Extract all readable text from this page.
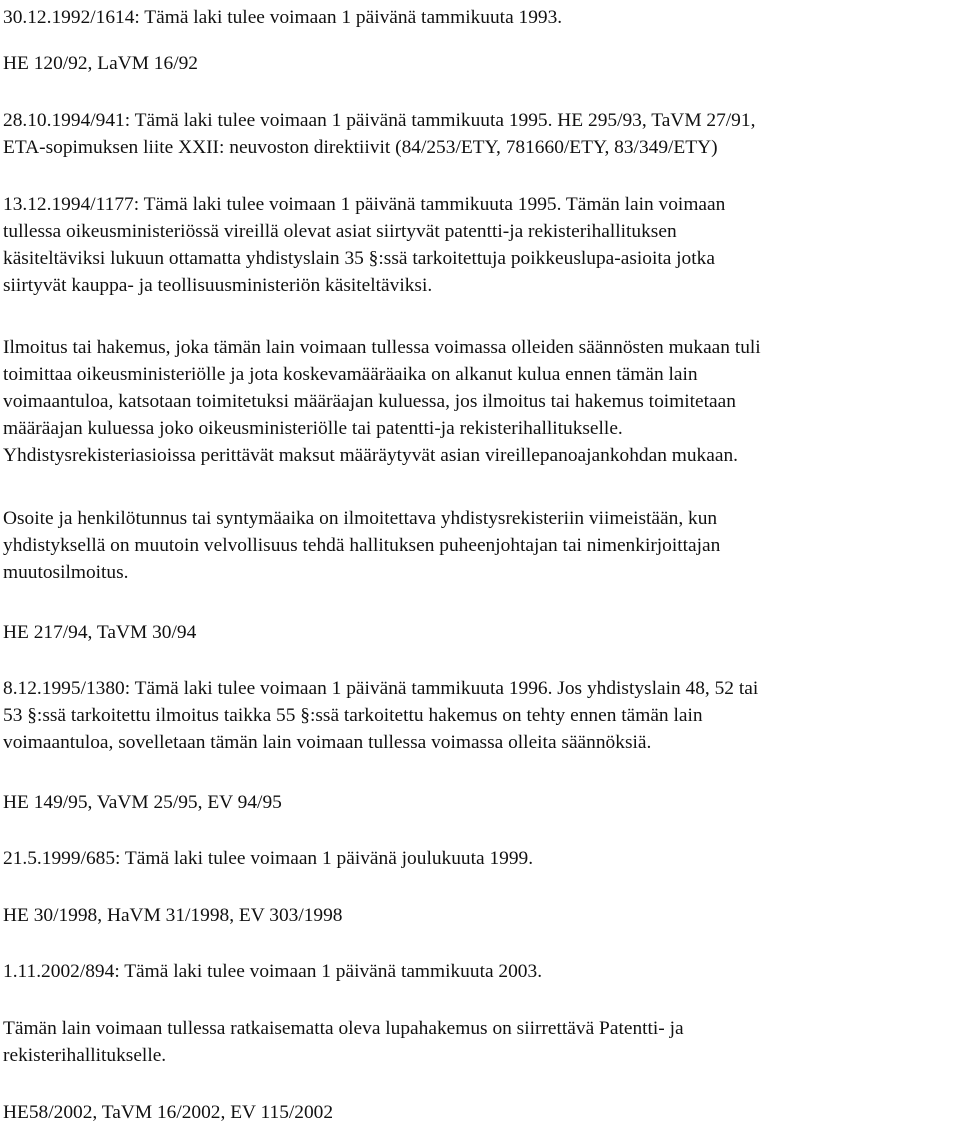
30.12.1992/1614: Tämä laki tulee voimaan 1 päivänä tammikuuta 1993.
HE 120/92, LaVM 16/92
28.10.1994/941: Tämä laki tulee voimaan 1 päivänä tammikuuta 1995. HE 295/93, TaVM 27/91,
ETA-sopimuksen liite XXII: neuvoston direktiivit (84/253/ETY, 781660/ETY, 83/349/ETY)
13.12.1994/1177: Tämä laki tulee voimaan 1 päivänä tammikuuta 1995. Tämän lain voimaan
tullessa oikeusministeriössä vireillä olevat asiat siirtyvät patentti-ja rekisterihallituksen
käsiteltäviksi lukuun ottamatta yhdistyslain 35 §:ssä tarkoitettuja poikkeuslupa-asioita jotka
siirtyvät kauppa- ja teollisuusministeriön käsiteltäviksi.
Ilmoitus tai hakemus, joka tämän lain voimaan tullessa voimassa olleiden säännösten mukaan tuli
toimittaa oikeusministeriölle ja jota koskevamääräaika on alkanut kulua ennen tämän lain
voimaantuloa, katsotaan toimitetuksi määräajan kuluessa, jos ilmoitus tai hakemus toimitetaan
määräajan kuluessa joko oikeusministeriölle tai patentti-ja rekisterihallitukselle.
Yhdistysrekisteriasioissa perittävät maksut määräytyvät asian vireillepanoajankohdan mukaan.
Osoite ja henkilötunnus tai syntymäaika on ilmoitettava yhdistysrekisteriin viimeistään, kun
yhdistyksellä on muutoin velvollisuus tehdä hallituksen puheenjohtajan tai nimenkirjoittajan
muutosilmoitus.
HE 217/94, TaVM 30/94
8.12.1995/1380: Tämä laki tulee voimaan 1 päivänä tammikuuta 1996. Jos yhdistyslain 48, 52 tai
53 §:ssä tarkoitettu ilmoitus taikka 55 §:ssä tarkoitettu hakemus on tehty ennen tämän lain
voimaantuloa, sovelletaan tämän lain voimaan tullessa voimassa olleita säännöksiä.
HE 149/95, VaVM 25/95, EV 94/95
21.5.1999/685: Tämä laki tulee voimaan 1 päivänä joulukuuta 1999.
HE 30/1998, HaVM 31/1998, EV 303/1998
1.11.2002/894: Tämä laki tulee voimaan 1 päivänä tammikuuta 2003.
Tämän lain voimaan tullessa ratkaisematta oleva lupahakemus on siirrettävä Patentti- ja
rekisterihallitukselle.
HE58/2002, TaVM 16/2002, EV 115/2002
